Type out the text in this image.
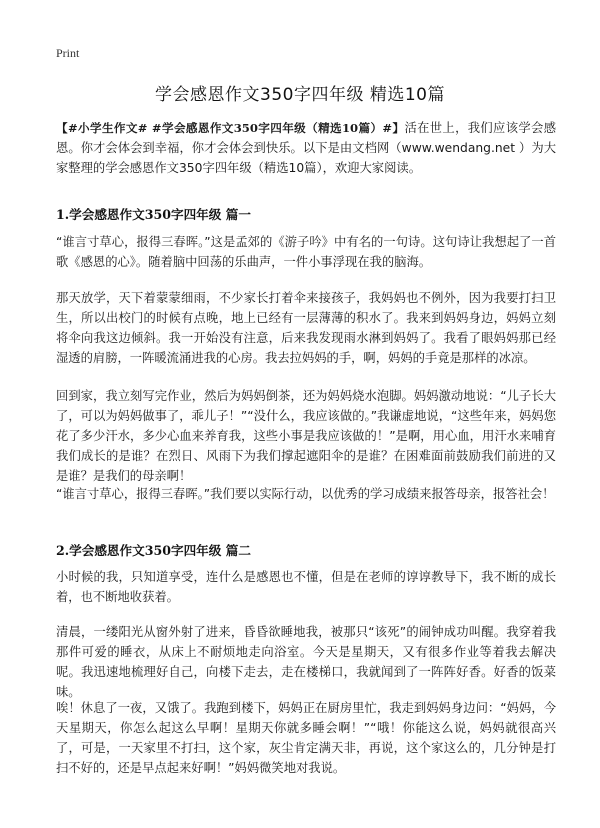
Print
学会感恩作文350字四年级 精选10篇
【#小学生作文# #学会感恩作文350字四年级（精选10篇）#】活在世上，我们应该学会感恩。你才会体会到幸福，你才会体会到快乐。以下是由文档网（www.wendang.net ）为大家整理的学会感恩作文350字四年级（精选10篇），欢迎大家阅读。
1.学会感恩作文350字四年级 篇一

“谁言寸草心，报得三春晖。”这是孟郊的《游子吟》中有名的一句诗。这句诗让我想起了一首歌《感恩的心》。随着脑中回荡的乐曲声，一件小事浮现在我的脑海。

那天放学，天下着蒙蒙细雨，不少家长打着伞来接孩子，我妈妈也不例外，因为我要打扫卫生，所以出校门的时候有点晚，地上已经有一层薄薄的积水了。我来到妈妈身边，妈妈立刻将伞向我这边倾斜。我一开始没有注意，后来我发现雨水淋到妈妈了。我看了眼妈妈那已经湿透的肩膀，一阵暖流涌进我的心房。我去拉妈妈的手，啊，妈妈的手竟是那样的冰凉。

回到家，我立刻写完作业，然后为妈妈倒茶，还为妈妈烧水泡脚。妈妈激动地说：“儿子长大了，可以为妈妈做事了，乖儿子！”“没什么，我应该做的。”我谦虚地说，“这些年来，妈妈您花了多少汗水，多少心血来养育我，这些小事是我应该做的！”是啊，用心血，用汗水来哺育我们成长的是谁？在烈日、风雨下为我们撑起遮阳伞的是谁？在困难面前鼓励我们前进的又是谁？是我们的母亲啊！

“谁言寸草心，报得三春晖。”我们要以实际行动，以优秀的学习成绩来报答母亲，报答社会！

2.学会感恩作文350字四年级 篇二

小时候的我，只知道享受，连什么是感恩也不懂，但是在老师的谆谆教导下，我不断的成长着，也不断地收获着。

清晨，一缕阳光从窗外射了进来，昏昏欲睡地我，被那只“该死”的闹钟成功叫醒。我穿着我那件可爱的睡衣，从床上不耐烦地走向浴室。今天是星期天，又有很多作业等着我去解决呢。我迅速地梳理好自己，向楼下走去，走在楼梯口，我就闻到了一阵阵好香。好香的饭菜味。

唉！休息了一夜，又饿了。我跑到楼下，妈妈正在厨房里忙，我走到妈妈身边问：“妈妈，今天星期天，你怎么起这么早啊！星期天你就多睡会啊！”“哦！你能这么说，妈妈就很高兴了，可是，一天家里不打扫，这个家，灰尘肯定满天非，再说，这个家这么的，几分钟是打扫不好的，还是早点起来好啊！”妈妈微笑地对我说。
